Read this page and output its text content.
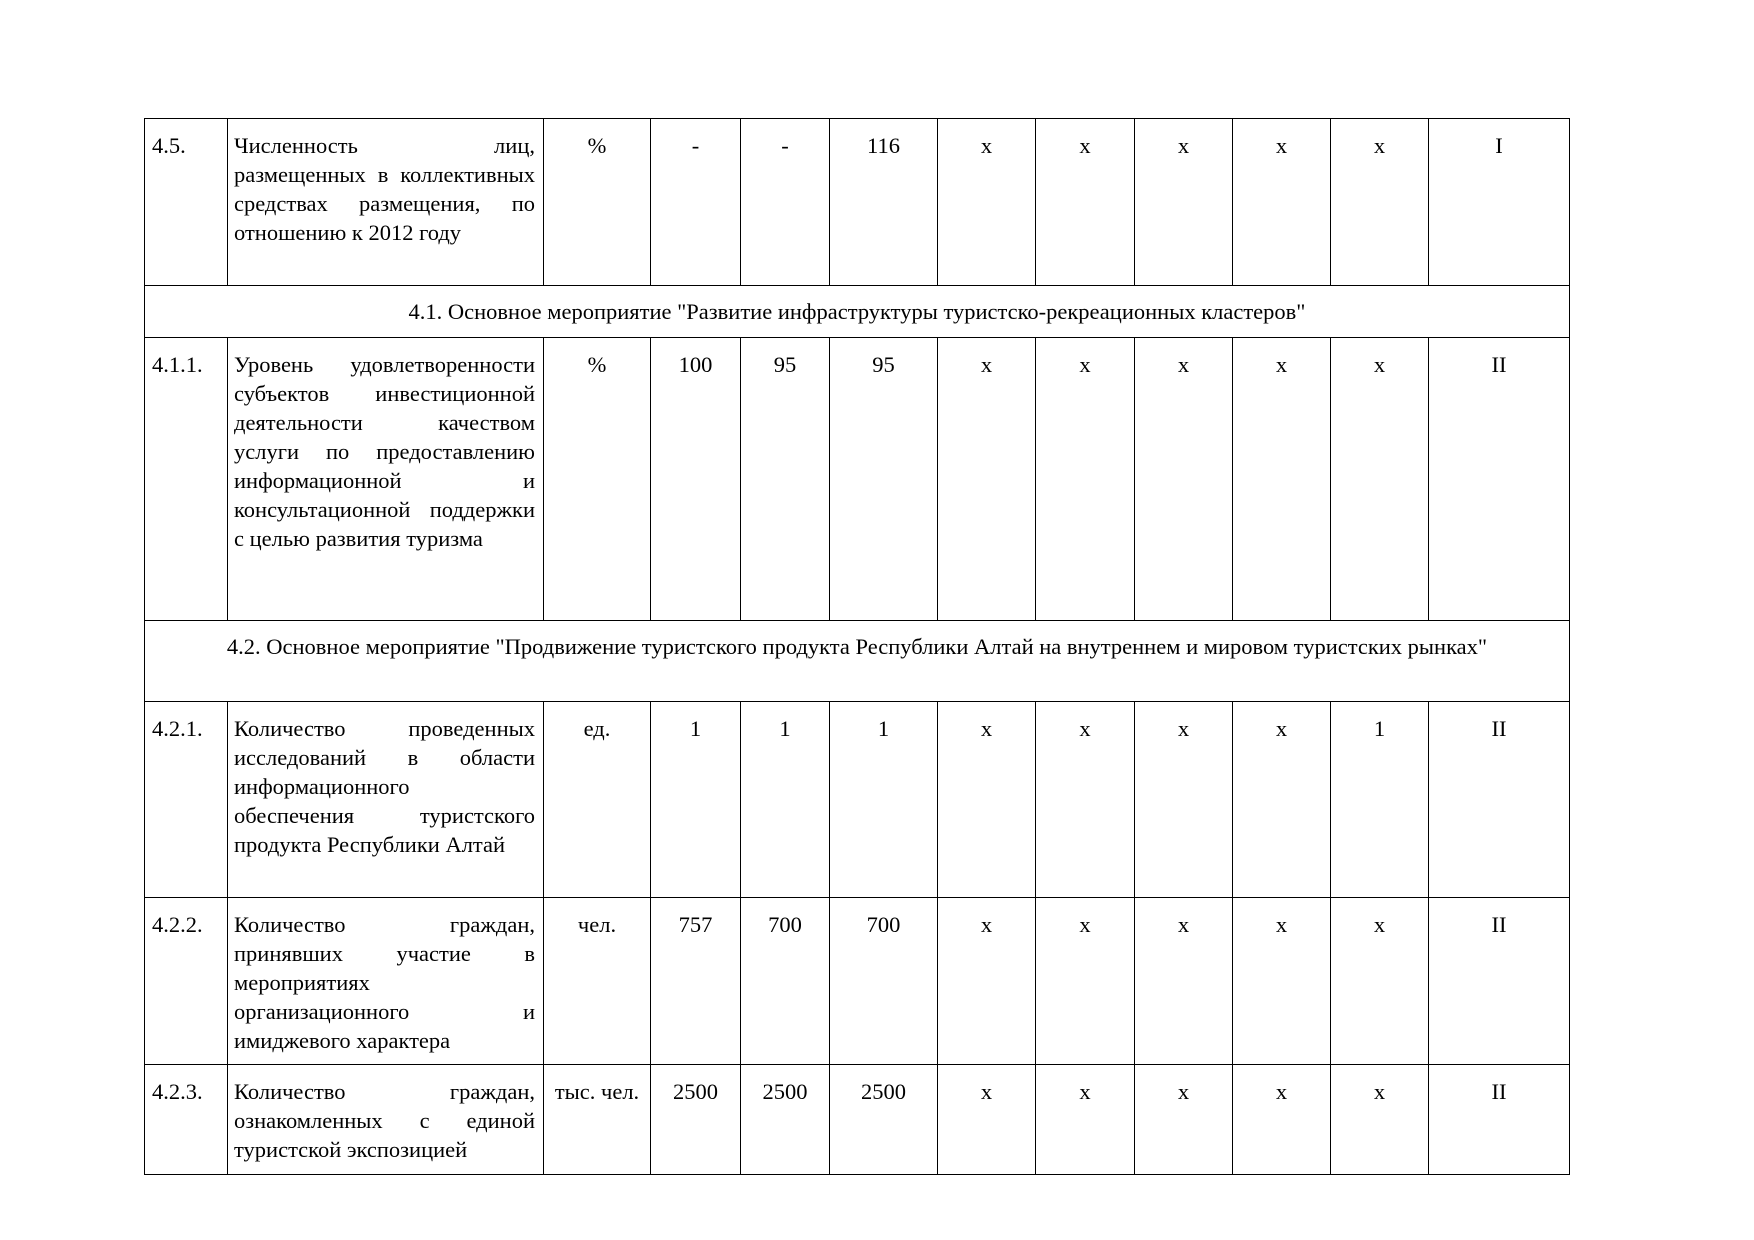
4.5.	Численность лиц, размещенных в коллективных средствах размещения, по отношению к 2012 году	%	-	-	116	x	x	x	x	x	I
4.1. Основное мероприятие "Развитие инфраструктуры туристско-рекреационных кластеров"											
4.1.1.	Уровень удовлетворенности субъектов инвестиционной деятельности качеством услуги по предоставлению информационной и консультационной поддержки с целью развития туризма	%	100	95	95	x	x	x	x	x	II
4.2. Основное мероприятие "Продвижение туристского продукта Республики Алтай на внутреннем и мировом туристских рынках"											
4.2.1.	Количество проведенных исследований в области информационного обеспечения туристского продукта Республики Алтай	ед.	1	1	1	x	x	x	x	1	II
4.2.2.	Количество граждан, принявших участие в мероприятиях организационного и имиджевого характера	чел.	757	700	700	x	x	x	x	x	II
4.2.3.	Количество граждан, ознакомленных с единой туристской экспозицией	тыс. чел.	2500	2500	2500	x	x	x	x	x	II
